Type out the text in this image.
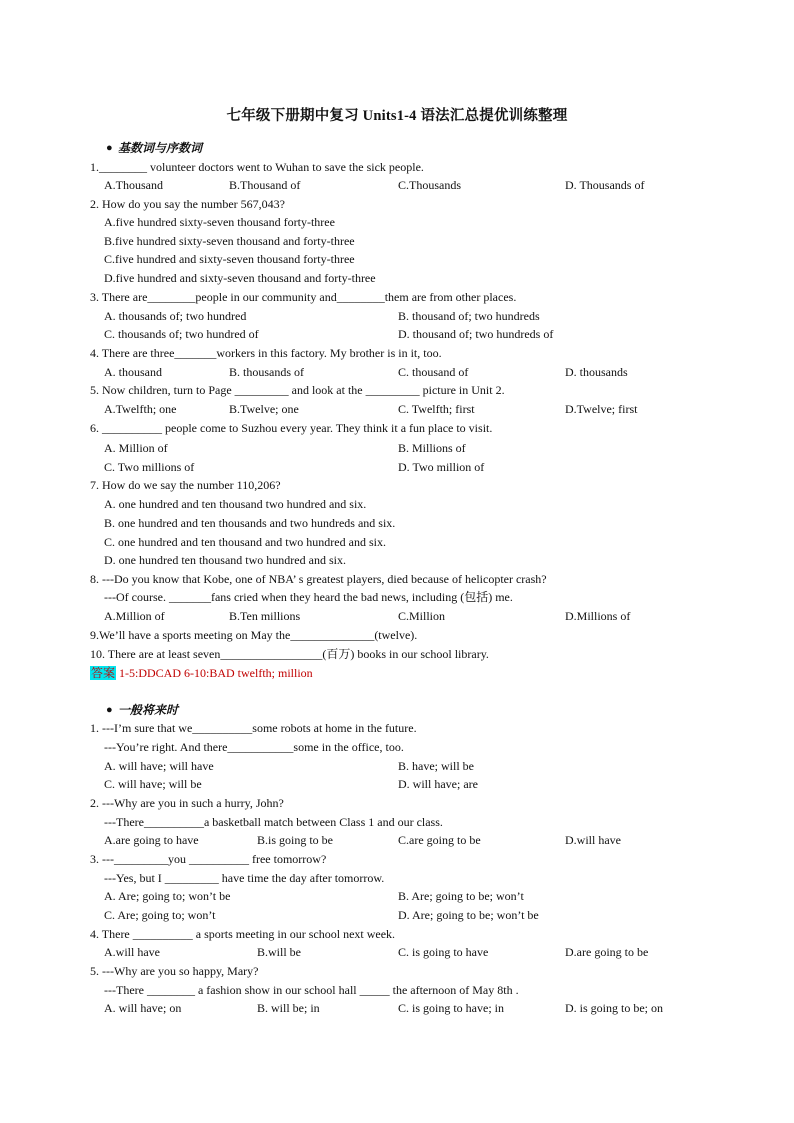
七年级下册期中复习 Units1-4 语法汇总提优训练整理
● 基数词与序数词
1.________ volunteer doctors went to Wuhan to save the sick people.
A.Thousand	B.Thousand of	C.Thousands	D. Thousands of
2. How do you say the number 567,043?
A.five hundred sixty-seven thousand forty-three
B.five hundred sixty-seven thousand and forty-three
C.five hundred and sixty-seven thousand forty-three
D.five hundred and sixty-seven thousand and forty-three
3. There are________people in our community and________them are from other places.
A. thousands of; two hundred	B. thousand of; two hundreds
C. thousands of; two hundred of	D. thousand of; two hundreds of
4. There are three_______workers in this factory. My brother is in it, too.
A. thousand	B. thousands of	C. thousand of	D. thousands
5. Now children, turn to Page _________ and look at the _________ picture in Unit 2.
A.Twelfth; one	B.Twelve; one	C. Twelfth; first	D.Twelve; first
6. __________ people come to Suzhou every year. They think it a fun place to visit.
A. Million of	B. Millions of
C. Two millions of	D. Two million of
7. How do we say the number 110,206?
A. one hundred and ten thousand two hundred and six.
B. one hundred and ten thousands and two hundreds and six.
C. one hundred and ten thousand and two hundred and six.
D. one hundred ten thousand two hundred and six.
8. ---Do you know that Kobe, one of NBA’ s greatest players, died because of helicopter crash?
---Of course. _______fans cried when they heard the bad news, including (包括) me.
A.Million of	B.Ten millions	C.Million	D.Millions of
9.We’ll have a sports meeting on May the______________(twelve).
10. There are at least seven_________________(百万) books in our school library.
答案 1-5:DDCAD 6-10:BAD twelfth; million
● 一般将来时
1. ---I’m sure that we__________some robots at home in the future.
---You’re right. And there___________some in the office, too.
A. will have; will have	B. have; will be
C. will have; will be	D. will have; are
2. ---Why are you in such a hurry, John?
---There__________a basketball match between Class 1 and our class.
A.are going to have	B.is going to be	C.are going to be	D.will have
3. ---_________you __________ free tomorrow?
---Yes, but I _________ have time the day after tomorrow.
A. Are; going to; won’t be	B. Are; going to be; won’t
C. Are; going to; won’t	D. Are; going to be; won’t be
4. There __________ a sports meeting in our school next week.
A.will have	B.will be	C. is going to have	D.are going to be
5. ---Why are you so happy, Mary?
---There ________ a fashion show in our school hall _____ the afternoon of May 8th .
A. will have; on	B. will be; in	C. is going to have; in	D. is going to be; on
